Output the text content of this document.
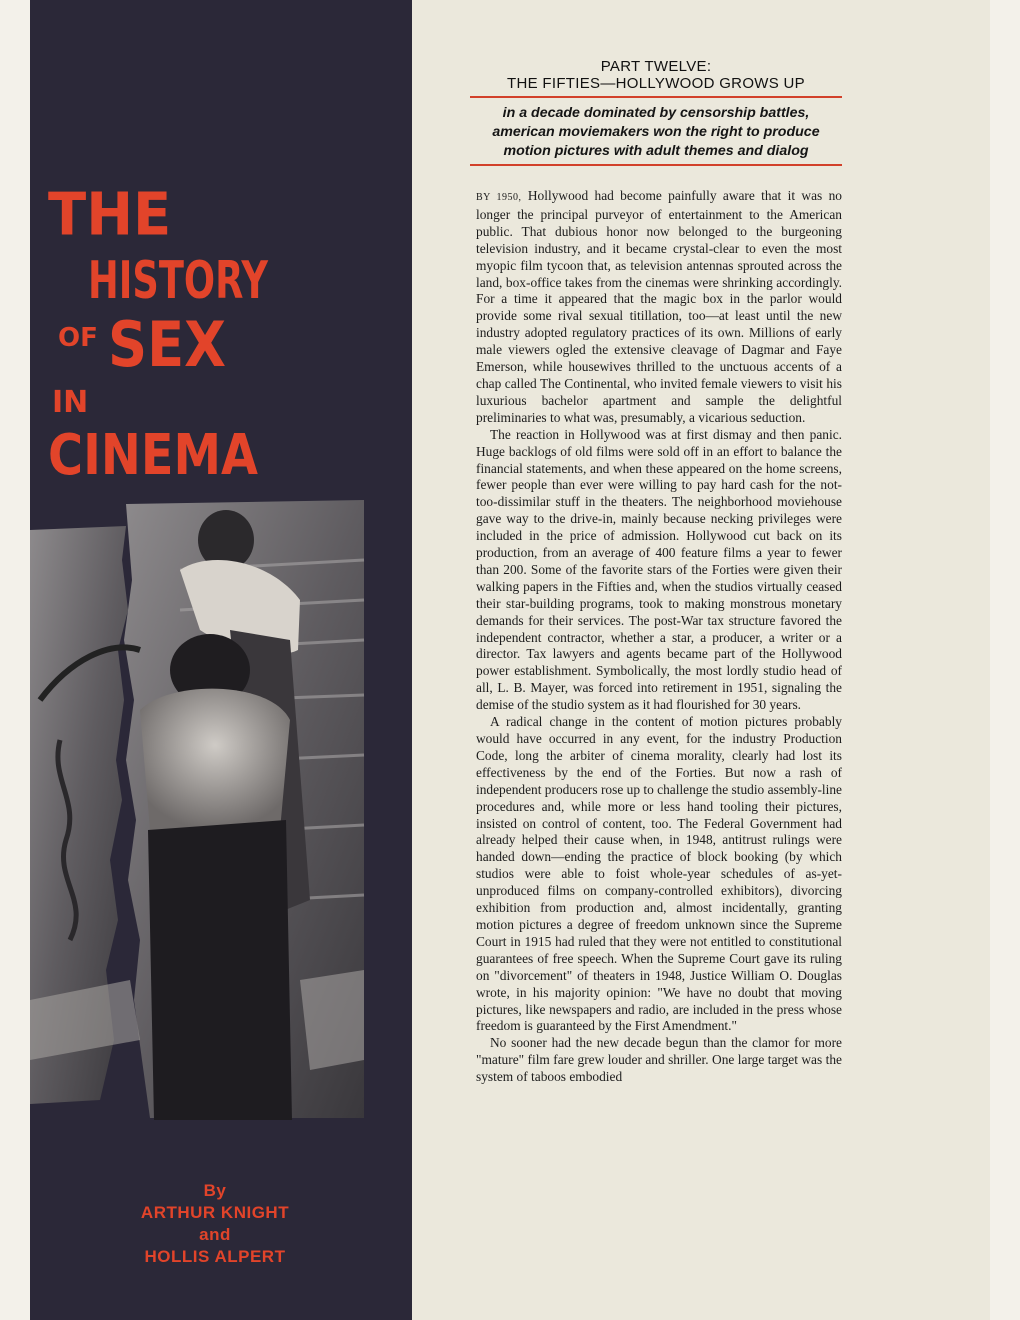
THE
HISTORY
OF SEX
IN
CINEMA
By
ARTHUR KNIGHT
and
HOLLIS ALPERT
PART TWELVE:
THE FIFTIES—HOLLYWOOD GROWS UP
in a decade dominated by censorship battles,
american moviemakers won the right to produce
motion pictures with adult themes and dialog

BY 1950, Hollywood had become painfully aware that it was no longer the principal purveyor of entertainment to the American public. That dubious honor now belonged to the burgeoning television industry, and it became crystal-clear to even the most myopic film tycoon that, as television antennas sprouted across the land, box-office takes from the cinemas were shrinking accordingly. For a time it appeared that the magic box in the parlor would provide some rival sexual titillation, too—at least until the new industry adopted regulatory practices of its own. Millions of early male viewers ogled the extensive cleavage of Dagmar and Faye Emerson, while housewives thrilled to the unctuous accents of a chap called The Continental, who invited female viewers to visit his luxurious bachelor apartment and sample the delightful preliminaries to what was, presumably, a vicarious seduction.

The reaction in Hollywood was at first dismay and then panic. Huge backlogs of old films were sold off in an effort to balance the financial statements, and when these appeared on the home screens, fewer people than ever were willing to pay hard cash for the not-too-dissimilar stuff in the theaters. The neighborhood moviehouse gave way to the drive-in, mainly because necking privileges were included in the price of admission. Hollywood cut back on its production, from an average of 400 feature films a year to fewer than 200. Some of the favorite stars of the Forties were given their walking papers in the Fifties and, when the studios virtually ceased their star-building programs, took to making monstrous monetary demands for their services. The post-War tax structure favored the independent contractor, whether a star, a producer, a writer or a director. Tax lawyers and agents became part of the Hollywood power establishment. Symbolically, the most lordly studio head of all, L. B. Mayer, was forced into retirement in 1951, signaling the demise of the studio system as it had flourished for 30 years.

A radical change in the content of motion pictures probably would have occurred in any event, for the industry Production Code, long the arbiter of cinema morality, clearly had lost its effectiveness by the end of the Forties. But now a rash of independent producers rose up to challenge the studio assembly-line procedures and, while more or less hand tooling their pictures, insisted on control of content, too. The Federal Government had already helped their cause when, in 1948, antitrust rulings were handed down—ending the practice of block booking (by which studios were able to foist whole-year schedules of as-yet-unproduced films on company-controlled exhibitors), divorcing exhibition from production and, almost incidentally, granting motion pictures a degree of freedom unknown since the Supreme Court in 1915 had ruled that they were not entitled to constitutional guarantees of free speech. When the Supreme Court gave its ruling on "divorcement" of theaters in 1948, Justice William O. Douglas wrote, in his majority opinion: "We have no doubt that moving pictures, like newspapers and radio, are included in the press whose freedom is guaranteed by the First Amendment."

No sooner had the new decade begun than the clamor for more "mature" film fare grew louder and shriller. One large target was the system of taboos embodied
